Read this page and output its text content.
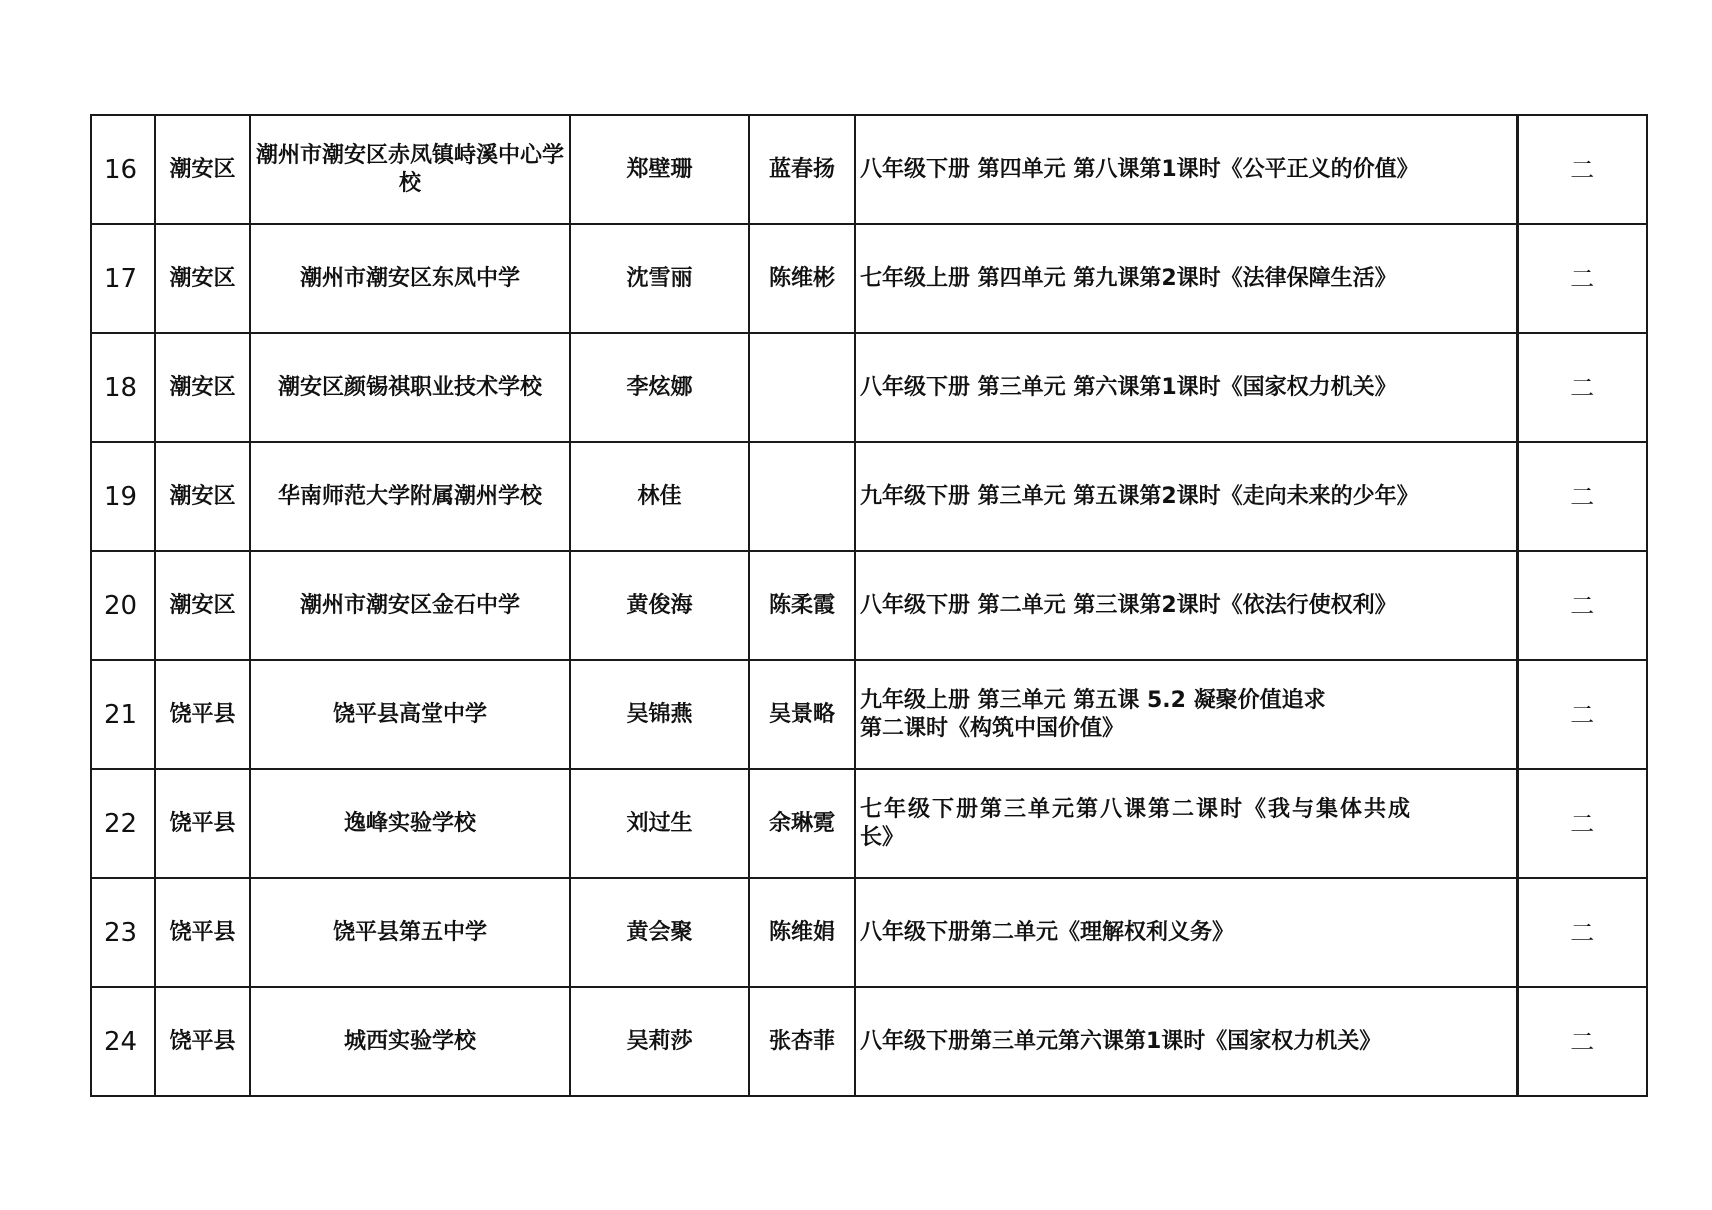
16	潮安区	潮州市潮安区赤凤镇峙溪中心学校	郑壁珊	蓝春扬	八年级下册 第四单元 第八课第1课时《公平正义的价值》	二
17	潮安区	潮州市潮安区东凤中学	沈雪丽	陈维彬	七年级上册 第四单元 第九课第2课时《法律保障生活》	二
18	潮安区	潮安区颜锡祺职业技术学校	李炫娜		八年级下册 第三单元 第六课第1课时《国家权力机关》	二
19	潮安区	华南师范大学附属潮州学校	林佳		九年级下册 第三单元 第五课第2课时《走向未来的少年》	二
20	潮安区	潮州市潮安区金石中学	黄俊海	陈柔霞	八年级下册 第二单元 第三课第2课时《依法行使权利》	二
21	饶平县	饶平县高堂中学	吴锦燕	吴景略	九年级上册 第三单元 第五课 5.2 凝聚价值追求
第二课时《构筑中国价值》	二
22	饶平县	逸峰实验学校	刘过生	余琳霓	七年级下册第三单元第八课第二课时《我与集体共成
长》	二
23	饶平县	饶平县第五中学	黄会聚	陈维娟	八年级下册第二单元《理解权利义务》	二
24	饶平县	城西实验学校	吴莉莎	张杏菲	八年级下册第三单元第六课第1课时《国家权力机关》	二
